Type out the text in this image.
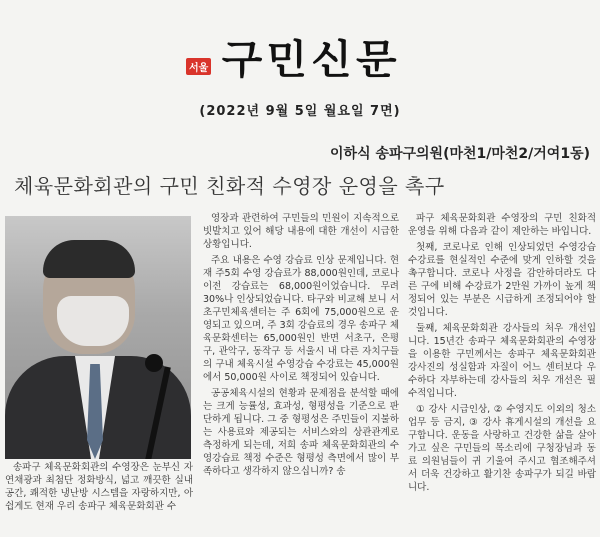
서울 구민신문
(2022년 9월 5일 월요일 7면)
이하식 송파구의원(마천1/마천2/거여1동)
체육문화회관의 구민 친화적 수영장 운영을 촉구

송파구 체육문화회관의 수영장은 눈부신 자연채광과 최첨단 정화방식, 넓고 깨끗한 실내공간, 쾌적한 냉난방 시스템을 자랑하지만, 아쉽게도 현재 우리 송파구 체육문화회관 수

영장과 관련하여 구민들의 민원이 지속적으로 빗발치고 있어 해당 내용에 대한 개선이 시급한 상황입니다.

주요 내용은 수영 강습료 인상 문제입니다. 현재 주5회 수영 강습료가 88,000원인데, 코로나 이전 강습료는 68,000원이었습니다. 무려 30%나 인상되었습니다. 타구와 비교해 보니 서초구민체육센터는 주 6회에 75,000원으로 운영되고 있으며, 주 3회 강습료의 경우 송파구 체육문화센터는 65,000원인 반면 서초구, 은평구, 관악구, 동작구 등 서울시 내 다른 자치구들의 구내 체육시설 수영강습 수강료는 45,000원에서 50,000원 사이로 책정되어 있습니다.

공공체육시설의 현황과 문제점을 분석할 때에는 크게 능률성, 효과성, 형평성을 기준으로 판단하게 됩니다. 그 중 형평성은 주민들이 지불하는 사용료와 제공되는 서비스와의 상관관계로 측정하게 되는데, 저희 송파 체육문화회관의 수영강습료 책정 수준은 형평성 측면에서 많이 부족하다고 생각하지 않으십니까? 송

파구 체육문화회관 수영장의 구민 친화적 운영을 위해 다음과 같이 제안하는 바입니다.

첫째, 코로나로 인해 인상되었던 수영강습 수강료를 현실적인 수준에 맞게 인하할 것을 촉구합니다. 코로나 사정을 감안하더라도 다른 구에 비해 수강료가 2만원 가까이 높게 책정되어 있는 부분은 시급하게 조정되어야 할 것입니다.

둘째, 체육문화회관 강사들의 처우 개선입니다. 15년간 송파구 체육문화회관의 수영장을 이용한 구민께서는 송파구 체육문화회관 강사진의 성실함과 자질이 어느 센터보다 우수하다 자부하는데 강사들의 처우 개선은 필수적입니다.

① 강사 시급인상, ② 수영지도 이외의 청소업무 등 금지, ③ 강사 휴게시설의 개선을 요구합니다. 운동을 사랑하고 건강한 삶을 살아가고 싶은 구민들의 목소리에 구청장님과 동료 의원님들이 귀 기울여 주시고 협조해주셔서 더욱 건강하고 활기찬 송파구가 되길 바랍니다.
